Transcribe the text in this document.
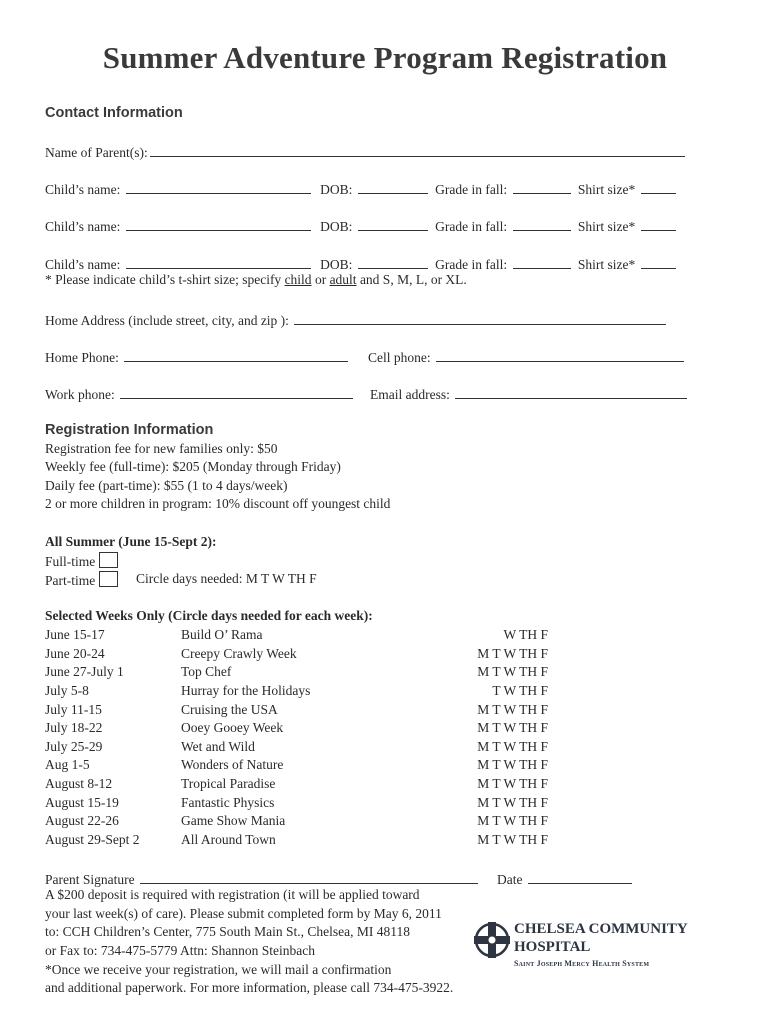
Summer Adventure Program Registration
Contact Information
Name of Parent(s):
Child’s name:	DOB:	Grade in fall:	Shirt size*
Child’s name:	DOB:	Grade in fall:	Shirt size*
Child’s name:	DOB:	Grade in fall:	Shirt size*
* Please indicate child’s t-shirt size; specify child or adult and S, M, L, or XL.
Home Address (include street, city, and zip ):
Home Phone:	Cell phone:
Work phone:	Email address:
Registration Information
Registration fee for new families only: $50
Weekly fee (full-time): $205 (Monday through Friday)
Daily fee (part-time): $55 (1 to 4 days/week)
2 or more children in program: 10% discount off youngest child
All Summer (June 15-Sept 2):
Full-time
Part-time	Circle days needed: M T W TH F
Selected Weeks Only (Circle days needed for each week):
June 15-17	Build O’ Rama	W TH F
June 20-24	Creepy Crawly Week	M T W TH F
June 27-July 1	Top Chef	M T W TH F
July 5-8	Hurray for the Holidays	T W TH F
July 11-15	Cruising the USA	M T W TH F
July 18-22	Ooey Gooey Week	M T W TH F
July 25-29	Wet and Wild	M T W TH F
Aug 1-5	Wonders of Nature	M T W TH F
August 8-12	Tropical Paradise	M T W TH F
August 15-19	Fantastic Physics	M T W TH F
August 22-26	Game Show Mania	M T W TH F
August 29-Sept 2	All Around Town	M T W TH F
Parent Signature	Date
A $200 deposit is required with registration (it will be applied toward
your last week(s) of care). Please submit completed form by May 6, 2011
to: CCH Children’s Center, 775 South Main St., Chelsea, MI 48118
or Fax to: 734-475-5779 Attn: Shannon Steinbach
*Once we receive your registration, we will mail a confirmation
and additional paperwork. For more information, please call 734-475-3922.
CHELSEA COMMUNITY
HOSPITAL
Saint Joseph Mercy Health System
